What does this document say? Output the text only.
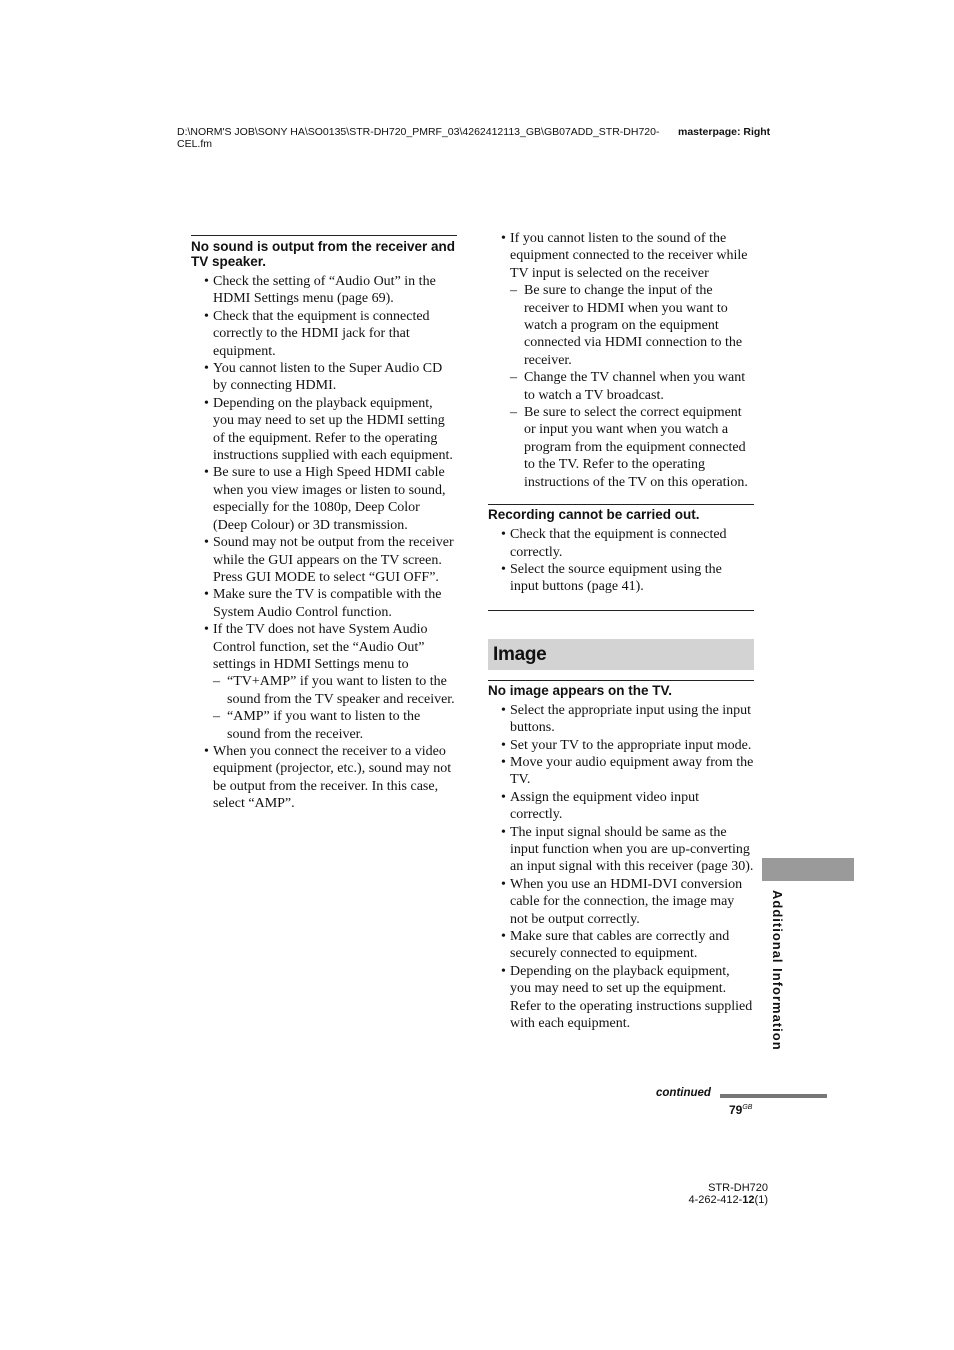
D:\NORM'S JOB\SONY HA\SO0135\STR-DH720_PMRF_03\4262412113_GB\GB07ADD_STR-DH720-CEL.fm
masterpage: Right
No sound is output from the receiver and TV speaker.
• Check the setting of “Audio Out” in the HDMI Settings menu (page 69).
• Check that the equipment is connected correctly to the HDMI jack for that equipment.
• You cannot listen to the Super Audio CD by connecting HDMI.
• Depending on the playback equipment, you may need to set up the HDMI setting of the equipment. Refer to the operating instructions supplied with each equipment.
• Be sure to use a High Speed HDMI cable when you view images or listen to sound, especially for the 1080p, Deep Color (Deep Colour) or 3D transmission.
• Sound may not be output from the receiver while the GUI appears on the TV screen. Press GUI MODE to select “GUI OFF”.
• Make sure the TV is compatible with the System Audio Control function.
• If the TV does not have System Audio Control function, set the “Audio Out” settings in HDMI Settings menu to
– “TV+AMP” if you want to listen to the sound from the TV speaker and receiver.
– “AMP” if you want to listen to the sound from the receiver.
• When you connect the receiver to a video equipment (projector, etc.), sound may not be output from the receiver. In this case, select “AMP”.
• If you cannot listen to the sound of the equipment connected to the receiver while TV input is selected on the receiver
– Be sure to change the input of the receiver to HDMI when you want to watch a program on the equipment connected via HDMI connection to the receiver.
– Change the TV channel when you want to watch a TV broadcast.
– Be sure to select the correct equipment or input you want when you watch a program from the equipment connected to the TV. Refer to the operating instructions of the TV on this operation.
Recording cannot be carried out.
• Check that the equipment is connected correctly.
• Select the source equipment using the input buttons (page 41).
Image
No image appears on the TV.
• Select the appropriate input using the input buttons.
• Set your TV to the appropriate input mode.
• Move your audio equipment away from the TV.
• Assign the equipment video input correctly.
• The input signal should be same as the input function when you are up-converting an input signal with this receiver (page 30).
• When you use an HDMI-DVI conversion cable for the connection, the image may not be output correctly.
• Make sure that cables are correctly and securely connected to equipment.
• Depending on the playback equipment, you may need to set up the equipment. Refer to the operating instructions supplied with each equipment.	Additional Information
continued
$79^{GB}$
STR-DH720
4-262-412-12(1)
